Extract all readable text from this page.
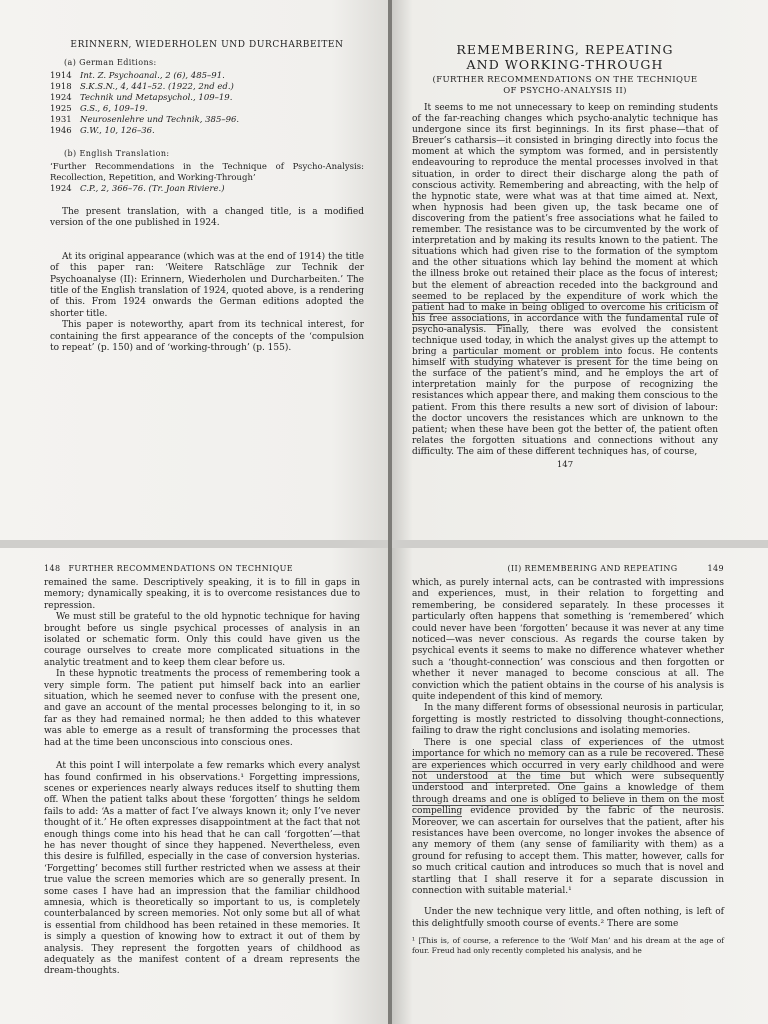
ERINNERN, WIEDERHOLEN UND DURCHARBEITEN
(a) German Editions:
1914 Int. Z. Psychoanal., 2 (6), 485–91.
1918 S.K.S.N., 4, 441–52. (1922, 2nd ed.)
1924 Technik und Metapsychol., 109–19.
1925 G.S., 6, 109–19.
1931 Neurosenlehre und Technik, 385–96.
1946 G.W., 10, 126–36.
(b) English Translation:

‘Further Recommendations in the Technique of Psycho-Analysis: Recollection, Repetition, and Working-Through’

1924 C.P., 2, 366–76. (Tr. Joan Riviere.)

The present translation, with a changed title, is a modified version of the one published in 1924.

At its original appearance (which was at the end of 1914) the title of this paper ran: ‘Weitere Ratschläge zur Technik der Psychoanalyse (II): Erinnern, Wiederholen und Durcharbeiten.’ The title of the English translation of 1924, quoted above, is a rendering of this. From 1924 onwards the German editions adopted the shorter title.

This paper is noteworthy, apart from its technical interest, for containing the first appearance of the concepts of the ‘compulsion to repeat’ (p. 150) and of ‘working-through’ (p. 155).

REMEMBERING, REPEATING
AND WORKING-THROUGH
(FURTHER RECOMMENDATIONS ON THE TECHNIQUE
OF PSYCHO-ANALYSIS II)

It seems to me not unnecessary to keep on reminding students of the far-reaching changes which psycho-analytic technique has undergone since its first beginnings. In its first phase—that of Breuer’s catharsis—it consisted in bringing directly into focus the moment at which the symptom was formed, and in persistently endeavouring to reproduce the mental processes involved in that situation, in order to direct their discharge along the path of conscious activity. Remembering and abreacting, with the help of the hypnotic state, were what was at that time aimed at. Next, when hypnosis had been given up, the task became one of discovering from the patient’s free associations what he failed to remember. The resistance was to be circumvented by the work of interpretation and by making its results known to the patient. The situations which had given rise to the formation of the symptom and the other situations which lay behind the moment at which the illness broke out retained their place as the focus of interest; but the element of abreaction receded into the background and seemed to be replaced by the expenditure of work which the patient had to make in being obliged to overcome his criticism of his free associations, in accordance with the fundamental rule of psycho-analysis. Finally, there was evolved the consistent technique used today, in which the analyst gives up the attempt to bring a particular moment or problem into focus. He contents himself with studying whatever is present for the time being on the surface of the patient’s mind, and he employs the art of interpretation mainly for the purpose of recognizing the resistances which appear there, and making them conscious to the patient. From this there results a new sort of division of labour: the doctor uncovers the resistances which are unknown to the patient; when these have been got the better of, the patient often relates the forgotten situations and connections without any difficulty. The aim of these different techniques has, of course,

147
148 FURTHER RECOMMENDATIONS ON TECHNIQUE

remained the same. Descriptively speaking, it is to fill in gaps in memory; dynamically speaking, it is to overcome resistances due to repression.

We must still be grateful to the old hypnotic technique for having brought before us single psychical processes of analysis in an isolated or schematic form. Only this could have given us the courage ourselves to create more complicated situations in the analytic treatment and to keep them clear before us.

In these hypnotic treatments the process of remembering took a very simple form. The patient put himself back into an earlier situation, which he seemed never to confuse with the present one, and gave an account of the mental processes belonging to it, in so far as they had remained normal; he then added to this whatever was able to emerge as a result of transforming the processes that had at the time been unconscious into conscious ones.

At this point I will interpolate a few remarks which every analyst has found confirmed in his observations.¹ Forgetting impressions, scenes or experiences nearly always reduces itself to shutting them off. When the patient talks about these ‘forgotten’ things he seldom fails to add: ‘As a matter of fact I’ve always known it; only I’ve never thought of it.’ He often expresses disappointment at the fact that not enough things come into his head that he can call ‘forgotten’—that he has never thought of since they happened. Nevertheless, even this desire is fulfilled, especially in the case of conversion hysterias. ‘Forgetting’ becomes still further restricted when we assess at their true value the screen memories which are so generally present. In some cases I have had an impression that the familiar childhood amnesia, which is theoretically so important to us, is completely counterbalanced by screen memories. Not only some but all of what is essential from childhood has been retained in these memories. It is simply a question of knowing how to extract it out of them by analysis. They represent the forgotten years of childhood as adequately as the manifest content of a dream represents the dream-thoughts.

(II) REMEMBERING AND REPEATING	149

which, as purely internal acts, can be contrasted with impressions and experiences, must, in their relation to forgetting and remembering, be considered separately. In these processes it particularly often happens that something is ‘remembered’ which could never have been ‘forgotten’ because it was never at any time noticed—was never conscious. As regards the course taken by psychical events it seems to make no difference whatever whether such a ‘thought-connection’ was conscious and then forgotten or whether it never managed to become conscious at all. The conviction which the patient obtains in the course of his analysis is quite independent of this kind of memory.

In the many different forms of obsessional neurosis in particular, forgetting is mostly restricted to dissolving thought-connections, failing to draw the right conclusions and isolating memories.

There is one special class of experiences of the utmost importance for which no memory can as a rule be recovered. These are experiences which occurred in very early childhood and were not understood at the time but which were subsequently understood and interpreted. One gains a knowledge of them through dreams and one is obliged to believe in them on the most compelling evidence provided by the fabric of the neurosis. Moreover, we can ascertain for ourselves that the patient, after his resistances have been overcome, no longer invokes the absence of any memory of them (any sense of familiarity with them) as a ground for refusing to accept them. This matter, however, calls for so much critical caution and introduces so much that is novel and startling that I shall reserve it for a separate discussion in connection with suitable material.¹

Under the new technique very little, and often nothing, is left of this delightfully smooth course of events.² There are some

¹ [This is, of course, a reference to the ‘Wolf Man’ and his dream at the age of four. Freud had only recently completed his analysis, and he
